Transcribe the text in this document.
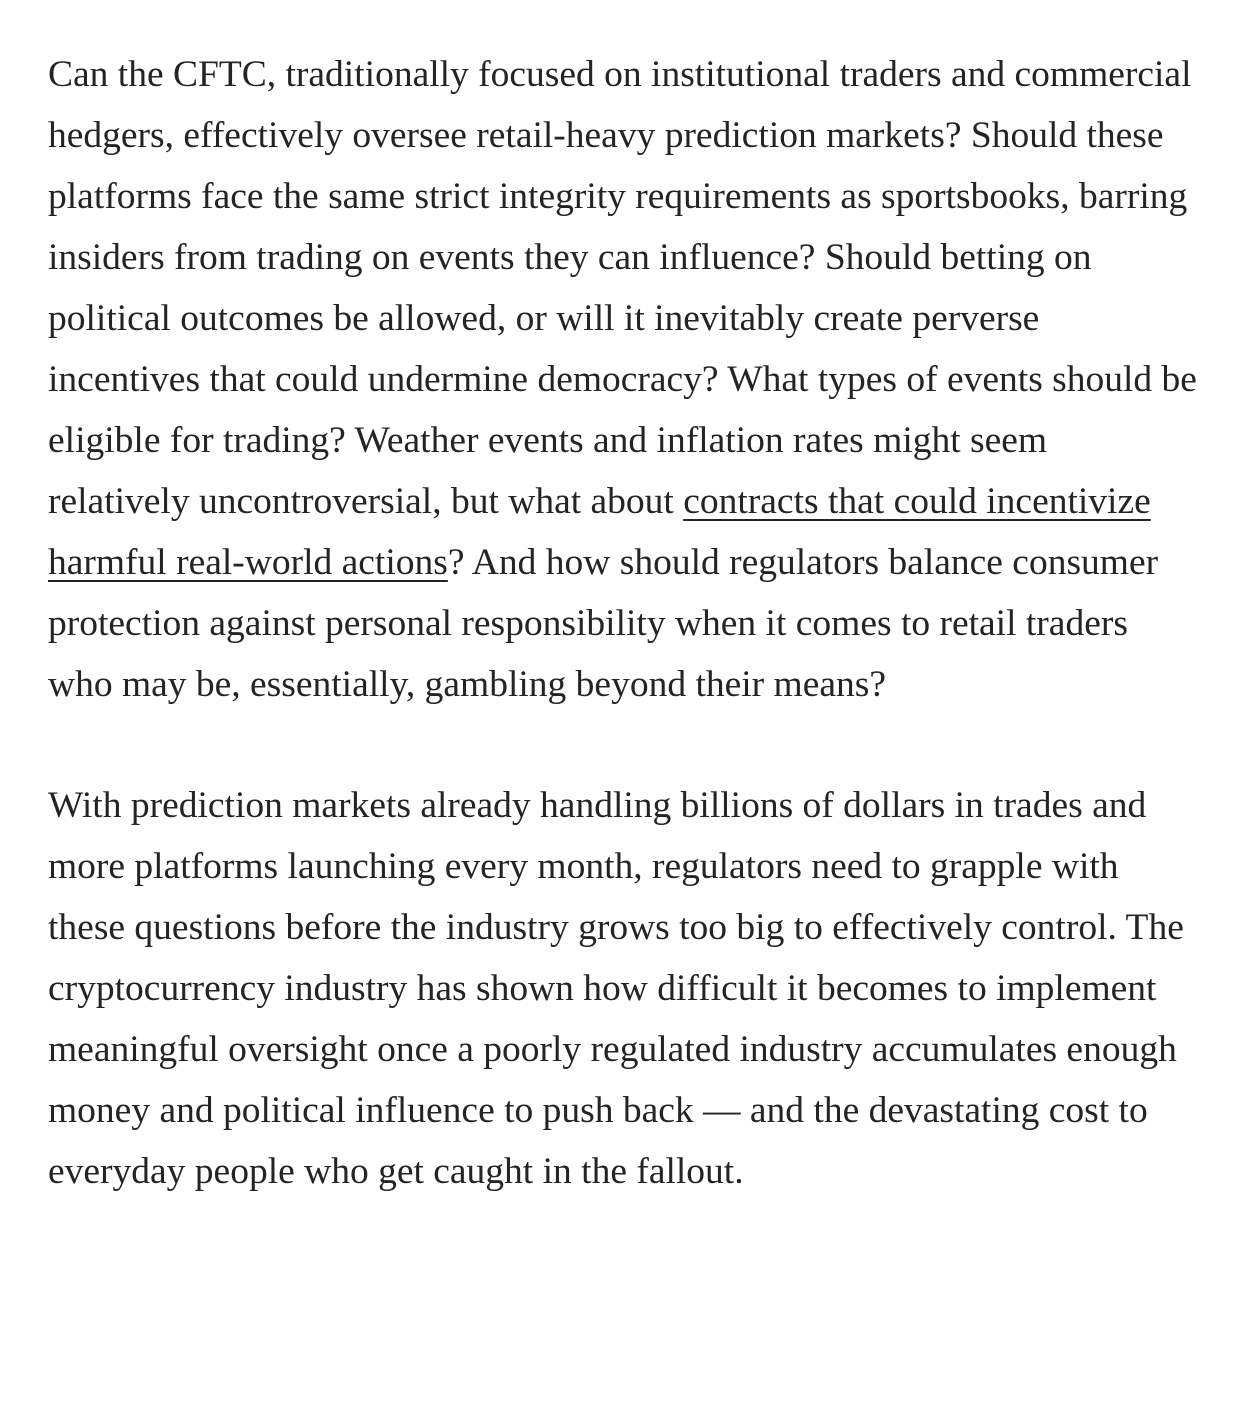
Can the CFTC, traditionally focused on institutional traders and commercial hedgers, effectively oversee retail-heavy prediction markets? Should these platforms face the same strict integrity requirements as sportsbooks, barring insiders from trading on events they can influence? Should betting on political outcomes be allowed, or will it inevitably create perverse incentives that could undermine democracy? What types of events should be eligible for trading? Weather events and inflation rates might seem relatively uncontroversial, but what about contracts that could incentivize harmful real-world actions? And how should regulators balance consumer protection against personal responsibility when it comes to retail traders who may be, essentially, gambling beyond their means?

With prediction markets already handling billions of dollars in trades and more platforms launching every month, regulators need to grapple with these questions before the industry grows too big to effectively control. The cryptocurrency industry has shown how difficult it becomes to implement meaningful oversight once a poorly regulated industry accumulates enough money and political influence to push back — and the devastating cost to everyday people who get caught in the fallout.
